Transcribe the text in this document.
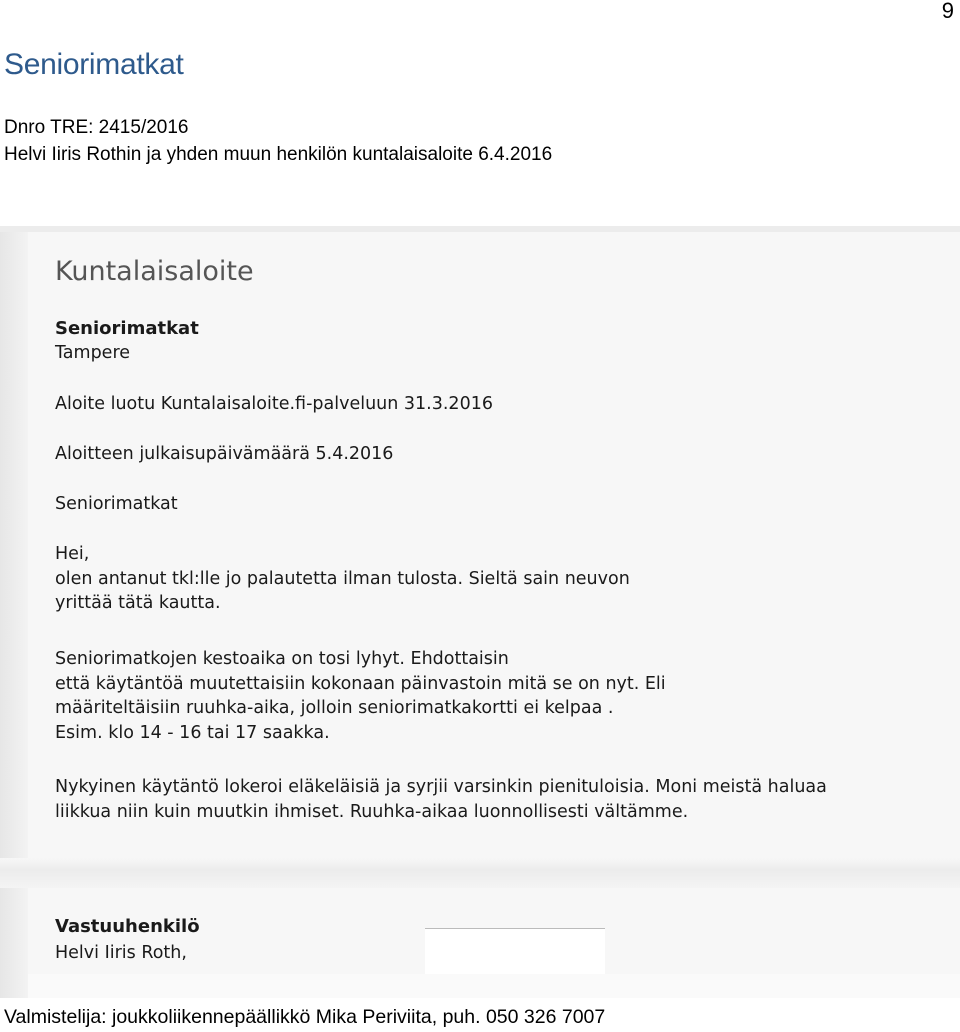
9
Seniorimatkat
Dnro TRE: 2415/2016
Helvi Iiris Rothin ja yhden muun henkilön kuntalaisaloite 6.4.2016
Kuntalaisaloite
Seniorimatkat
Tampere
Aloite luotu Kuntalaisaloite.fi-palveluun 31.3.2016
Aloitteen julkaisupäivämäärä 5.4.2016
Seniorimatkat

Hei,

olen antanut tkl:lle jo palautetta ilman tulosta. Sieltä sain neuvon

yrittää tätä kautta.

Seniorimatkojen kestoaika on tosi lyhyt. Ehdottaisin

että käytäntöä muutettaisiin kokonaan päinvastoin mitä se on nyt. Eli

määriteltäisiin ruuhka-aika, jolloin seniorimatkakortti ei kelpaa .

Esim. klo 14 - 16 tai 17 saakka.

Nykyinen käytäntö lokeroi eläkeläisiä ja syrjii varsinkin pienituloisia. Moni meistä haluaa

liikkua niin kuin muutkin ihmiset. Ruuhka-aikaa luonnollisesti vältämme.

Vastuuhenkilö
Helvi Iiris Roth,
Valmistelija: joukkoliikennepäällikkö Mika Periviita, puh. 050 326 7007
